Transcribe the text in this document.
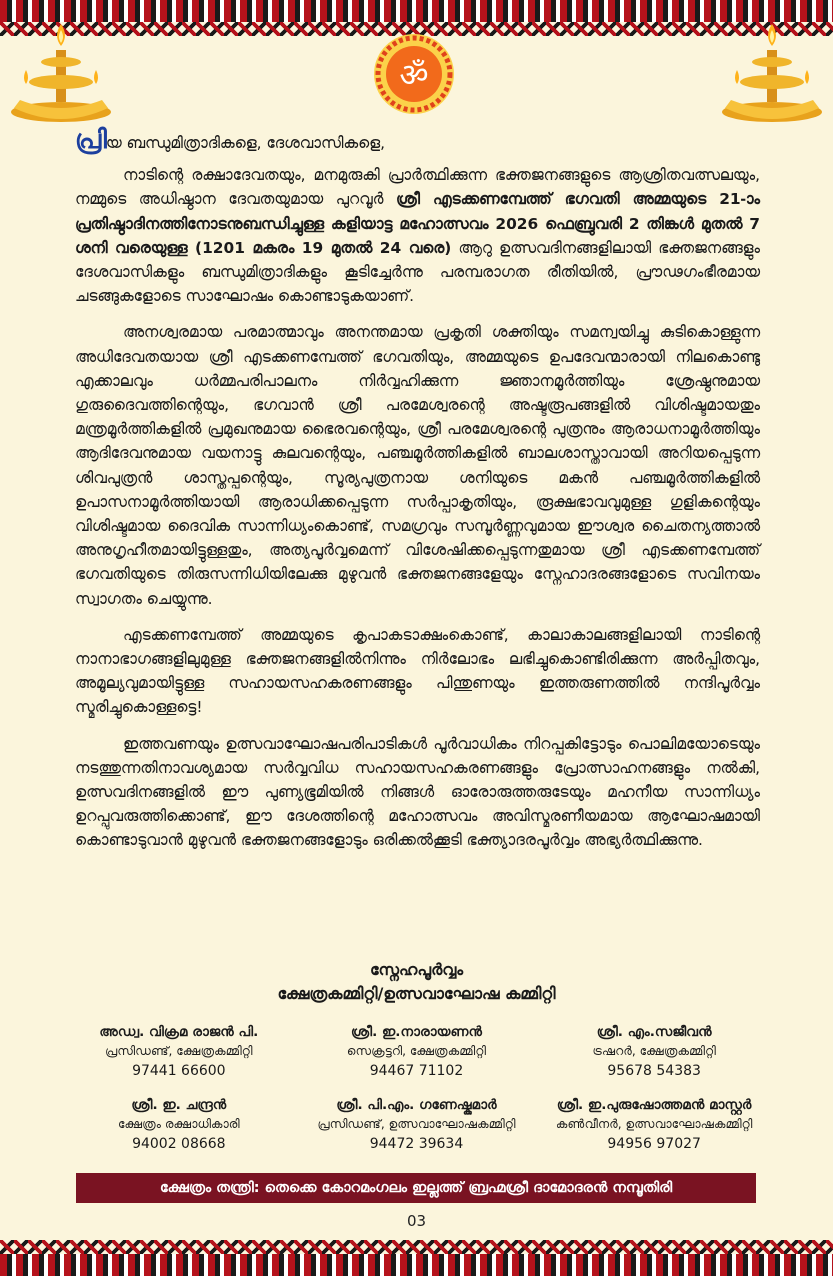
ॐ
പ്രിയ ബന്ധുമിത്രാദികളെ, ദേശവാസികളെ,

നാടിന്റെ രക്ഷാദേവതയും, മനമുരുകി പ്രാർത്ഥിക്കുന്ന ഭക്തജനങ്ങളുടെ ആശ്രിതവത്സലയും, നമ്മുടെ അധിഷ്ഠാന ദേവതയുമായ പുറവൂർ ശ്രീ എടക്കണമ്പേത്ത് ഭഗവതി അമ്മയുടെ 21-ാം പ്രതിഷ്ഠാദിനത്തിനോടനുബന്ധിച്ചുള്ള കളിയാട്ട മഹോത്സവം 2026 ഫെബ്രുവരി 2 തിങ്കൾ മുതൽ 7 ശനി വരെയുള്ള (1201 മകരം 19 മുതൽ 24 വരെ) ആറു ഉത്സവദിനങ്ങളിലായി ഭക്തജനങ്ങളും ദേശവാസികളും ബന്ധുമിത്രാദികളും കൂടിച്ചേർന്നു പരമ്പരാഗത രീതിയിൽ, പ്രൗഢഗംഭീരമായ ചടങ്ങുകളോടെ സാഘോഷം കൊണ്ടാടുകയാണ്.

അനശ്വരമായ പരമാത്മാവും അനന്തമായ പ്രകൃതി ശക്തിയും സമന്വയിച്ചു കുടികൊള്ളുന്ന അധിദേവതയായ ശ്രീ എടക്കണമ്പേത്ത് ഭഗവതിയും, അമ്മയുടെ ഉപദേവന്മാരായി നിലകൊണ്ടു എക്കാലവും ധർമ്മപരിപാലനം നിർവ്വഹിക്കുന്ന ജ്ഞാനമൂർത്തിയും ശ്രേഷ്ഠനുമായ ഗുരുദൈവത്തിന്റെയും, ഭഗവാൻ ശ്രീ പരമേശ്വരന്റെ അഷ്ടരൂപങ്ങളിൽ വിശിഷ്ടമായതും മന്ത്രമൂർത്തികളിൽ പ്രമുഖനുമായ ഭൈരവന്റെയും, ശ്രീ പരമേശ്വരന്റെ പുത്രനും ആരാധനാമൂർത്തിയും ആദിദേവനുമായ വയനാട്ടു കുലവന്റെയും, പഞ്ചമൂർത്തികളിൽ ബാലശാസ്താവായി അറിയപ്പെടുന്ന ശിവപുത്രൻ ശാസ്തപ്പന്റെയും, സൂര്യപുത്രനായ ശനിയുടെ മകൻ പഞ്ചമൂർത്തികളിൽ ഉപാസനാമൂർത്തിയായി ആരാധിക്കപ്പെടുന്ന സർപ്പാകൃതിയും, രൂക്ഷഭാവവുമുള്ള ഗുളികന്റെയും വിശിഷ്ടമായ ദൈവിക സാന്നിധ്യംകൊണ്ട്, സമഗ്രവും സമ്പൂർണ്ണവുമായ ഈശ്വര ചൈതന്യത്താൽ അനുഗൃഹീതമായിട്ടുള്ളതും, അത്യപൂർവ്വമെന്ന് വിശേഷിക്കപ്പെടുന്നതുമായ ശ്രീ എടക്കണമ്പേത്ത് ഭഗവതിയുടെ തിരുസന്നിധിയിലേക്കു മുഴുവൻ ഭക്തജനങ്ങളേയും സ്നേഹാദരങ്ങളോടെ സവിനയം സ്വാഗതം ചെയ്യുന്നു.

എടക്കണമ്പേത്ത് അമ്മയുടെ കൃപാകടാക്ഷംകൊണ്ട്, കാലാകാലങ്ങളിലായി നാടിന്റെ നാനാഭാഗങ്ങളിലുമുള്ള ഭക്തജനങ്ങളിൽനിന്നും നിർലോഭം ലഭിച്ചുകൊണ്ടിരിക്കുന്ന അർപ്പിതവും, അമൂല്യവുമായിട്ടുള്ള സഹായസഹകരണങ്ങളും പിന്തുണയും ഇത്തരുണത്തിൽ നന്ദിപൂർവ്വം സ്മരിച്ചുകൊള്ളട്ടെ!

ഇത്തവണയും ഉത്സവാഘോഷപരിപാടികൾ പൂർവാധികം നിറപ്പകിട്ടോടും പൊലിമയോടെയും നടത്തുന്നതിനാവശ്യമായ സർവ്വവിധ സഹായസഹകരണങ്ങളും പ്രോത്സാഹനങ്ങളും നൽകി, ഉത്സവദിനങ്ങളിൽ ഈ പുണ്യഭൂമിയിൽ നിങ്ങൾ ഓരോരുത്തരുടേയും മഹനീയ സാന്നിധ്യം ഉറപ്പുവരുത്തിക്കൊണ്ട്, ഈ ദേശത്തിന്റെ മഹോത്സവം അവിസ്മരണീയമായ ആഘോഷമായി കൊണ്ടാടുവാൻ മുഴുവൻ ഭക്തജനങ്ങളോടും ഒരിക്കൽക്കൂടി ഭക്ത്യാദരപൂർവ്വം അഭ്യർത്ഥിക്കുന്നു.

സ്നേഹപൂർവ്വം
ക്ഷേത്രകമ്മിറ്റി/ഉത്സവാഘോഷ കമ്മിറ്റി
അഡ്വ. വിക്രമ രാജൻ പി.
പ്രസിഡണ്ട്, ക്ഷേത്രകമ്മിറ്റി
97441 66600
ശ്രീ. ഇ.നാരായണൻ
സെക്രട്ടറി, ക്ഷേത്രകമ്മിറ്റി
94467 71102
ശ്രീ. എം.സജീവൻ
ട്രഷറർ, ക്ഷേത്രകമ്മിറ്റി
95678 54383
ശ്രീ. ഇ. ചന്ദ്രൻ
ക്ഷേത്രം രക്ഷാധികാരി
94002 08668
ശ്രീ. പി.എം. ഗണേഷ്കുമാർ
പ്രസിഡണ്ട്, ഉത്സവാഘോഷകമ്മിറ്റി
94472 39634
ശ്രീ. ഇ.പുരുഷോത്തമൻ മാസ്റ്റർ
കൺവീനർ, ഉത്സവാഘോഷകമ്മിറ്റി
94956 97027
ക്ഷേത്രം തന്ത്രി: തെക്കെ കോറമംഗലം ഇല്ലത്ത് ബ്രഹ്മശ്രീ ദാമോദരൻ നമ്പൂതിരി
03
